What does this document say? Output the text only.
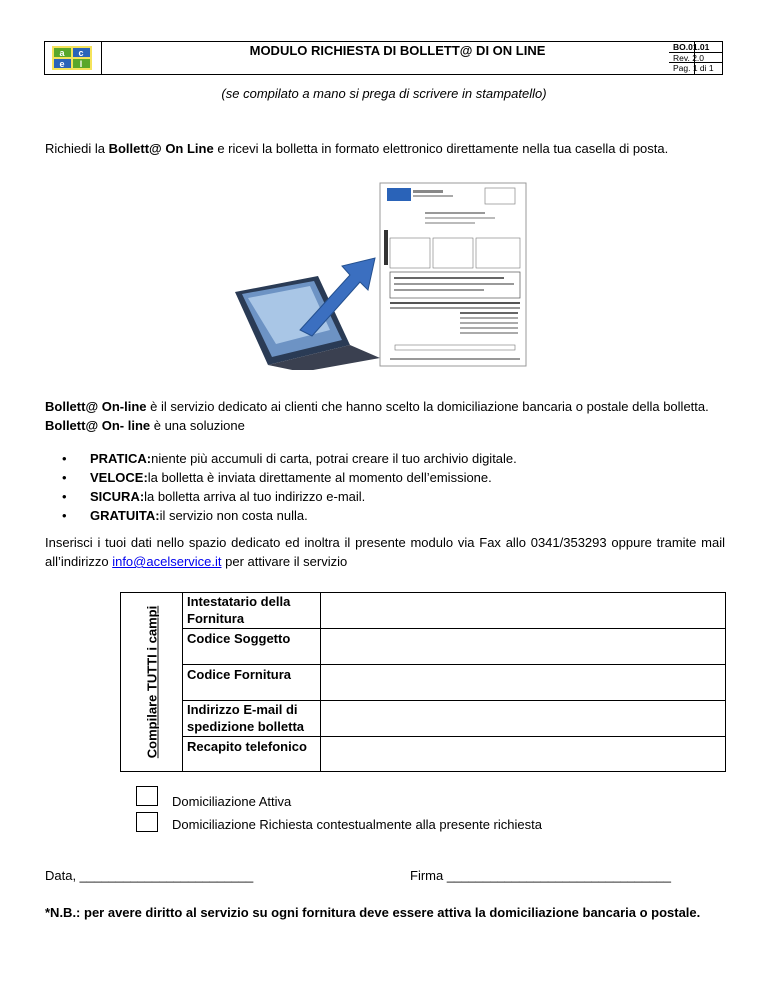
a c
e l
MODULO RICHIESTA DI BOLLETT@ DI ON LINE	BO.01.01
Rev. 2.0
Pag. 1 di 1
(se compilato a mano si prega di scrivere in stampatello)
Richiedi la Bollett@ On Line e ricevi la bolletta in formato elettronico direttamente nella tua casella di posta.
Bollett@ On-line è il servizio dedicato ai clienti che hanno scelto la domiciliazione bancaria o postale della bolletta.
Bollett@ On- line è una soluzione
•	PRATICA: niente più accumuli di carta, potrai creare il tuo archivio digitale.
•	VELOCE: la bolletta è inviata direttamente al momento dell’emissione.
•	SICURA: la bolletta arriva al tuo indirizzo e-mail.
•	GRATUITA: il servizio non costa nulla.
Inserisci i tuoi dati nello spazio dedicato ed inoltra il presente modulo via Fax allo 0341/353293 oppure tramite mail all’indirizzo info@acelservice.it per attivare il servizio
Compilare TUTTI i campi
Intestatario della Fornitura
Codice Soggetto
Codice Fornitura
Indirizzo E-mail di spedizione bolletta
Recapito telefonico
Domiciliazione Attiva
Domiciliazione Richiesta contestualmente alla presente richiesta
Data, ________________________	Firma _______________________________
*N.B.: per avere diritto al servizio su ogni fornitura deve essere attiva la domiciliazione bancaria o postale.
